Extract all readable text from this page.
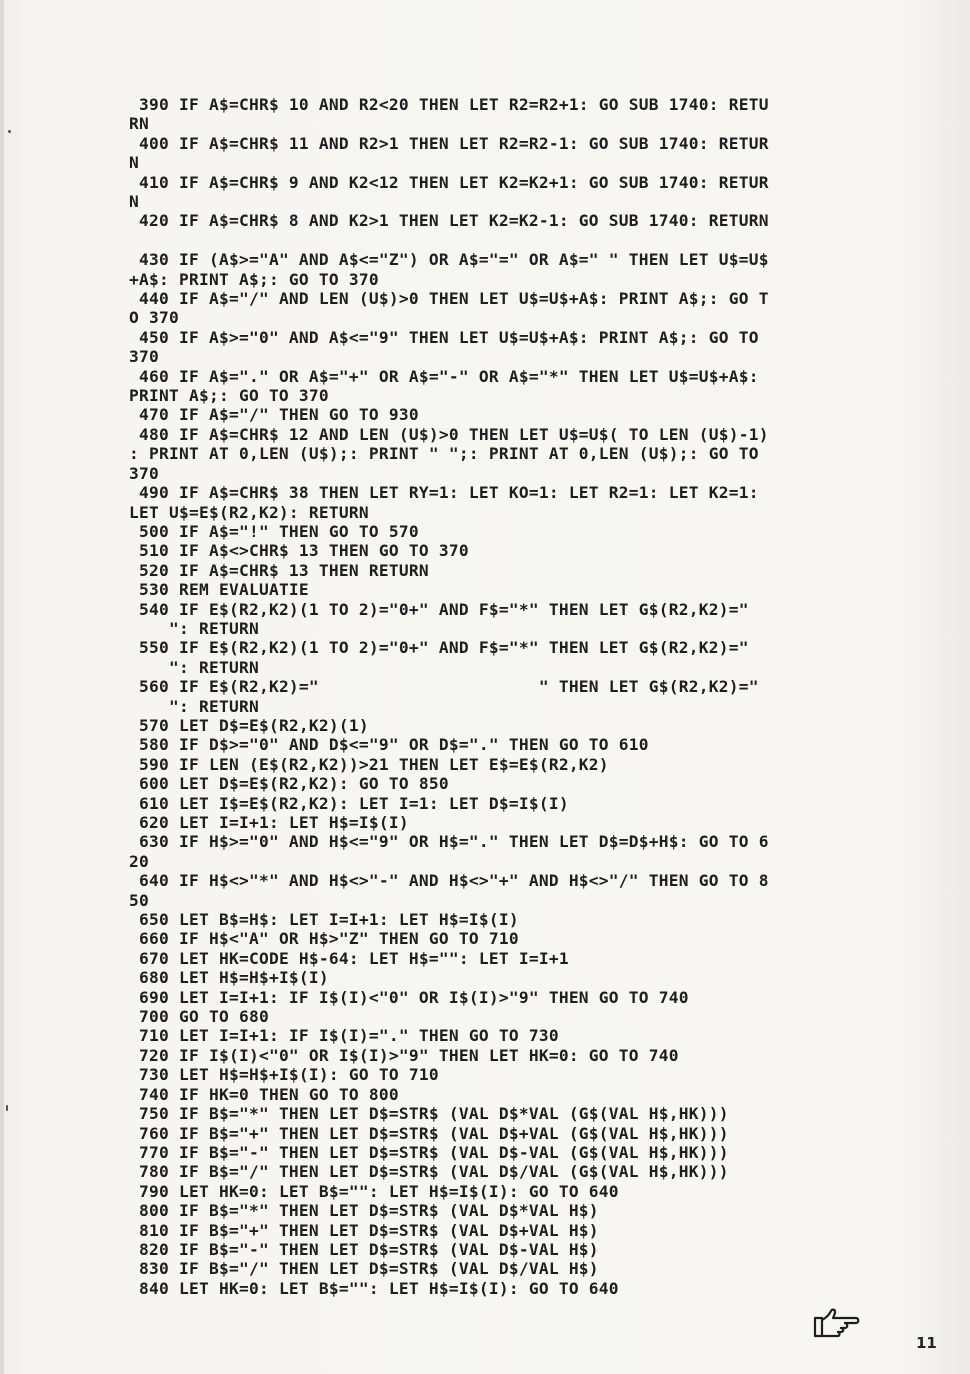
390 IF A$=CHR$ 10 AND R2<20 THEN LET R2=R2+1: GO SUB 1740: RETU
RN
400 IF A$=CHR$ 11 AND R2>1 THEN LET R2=R2-1: GO SUB 1740: RETUR
N
410 IF A$=CHR$ 9 AND K2<12 THEN LET K2=K2+1: GO SUB 1740: RETUR
N
420 IF A$=CHR$ 8 AND K2>1 THEN LET K2=K2-1: GO SUB 1740: RETURN
430 IF (A$>="A" AND A$<="Z") OR A$="=" OR A$=" " THEN LET U$=U$
+A$: PRINT A$;: GO TO 370
440 IF A$="/" AND LEN (U$)>0 THEN LET U$=U$+A$: PRINT A$;: GO T
O 370
450 IF A$>="0" AND A$<="9" THEN LET U$=U$+A$: PRINT A$;: GO TO
370
460 IF A$="." OR A$="+" OR A$="-" OR A$="*" THEN LET U$=U$+A$:
PRINT A$;: GO TO 370
470 IF A$="/" THEN GO TO 930
480 IF A$=CHR$ 12 AND LEN (U$)>0 THEN LET U$=U$( TO LEN (U$)-1)
: PRINT AT 0,LEN (U$);: PRINT " ";: PRINT AT 0,LEN (U$);: GO TO
370
490 IF A$=CHR$ 38 THEN LET RY=1: LET KO=1: LET R2=1: LET K2=1:
LET U$=E$(R2,K2): RETURN
500 IF A$="!" THEN GO TO 570
510 IF A$<>CHR$ 13 THEN GO TO 370
520 IF A$=CHR$ 13 THEN RETURN
530 REM EVALUATIE
540 IF E$(R2,K2)(1 TO 2)="0+" AND F$="*" THEN LET G$(R2,K2)="
": RETURN
550 IF E$(R2,K2)(1 TO 2)="0+" AND F$="*" THEN LET G$(R2,K2)="
": RETURN
560 IF E$(R2,K2)="                      " THEN LET G$(R2,K2)="
": RETURN
570 LET D$=E$(R2,K2)(1)
580 IF D$>="0" AND D$<="9" OR D$="." THEN GO TO 610
590 IF LEN (E$(R2,K2))>21 THEN LET E$=E$(R2,K2)
600 LET D$=E$(R2,K2): GO TO 850
610 LET I$=E$(R2,K2): LET I=1: LET D$=I$(I)
620 LET I=I+1: LET H$=I$(I)
630 IF H$>="0" AND H$<="9" OR H$="." THEN LET D$=D$+H$: GO TO 6
20
640 IF H$<>"*" AND H$<>"-" AND H$<>"+" AND H$<>"/" THEN GO TO 8
50
650 LET B$=H$: LET I=I+1: LET H$=I$(I)
660 IF H$<"A" OR H$>"Z" THEN GO TO 710
670 LET HK=CODE H$-64: LET H$="": LET I=I+1
680 LET H$=H$+I$(I)
690 LET I=I+1: IF I$(I)<"0" OR I$(I)>"9" THEN GO TO 740
700 GO TO 680
710 LET I=I+1: IF I$(I)="." THEN GO TO 730
720 IF I$(I)<"0" OR I$(I)>"9" THEN LET HK=0: GO TO 740
730 LET H$=H$+I$(I): GO TO 710
740 IF HK=0 THEN GO TO 800
750 IF B$="*" THEN LET D$=STR$ (VAL D$*VAL (G$(VAL H$,HK)))
760 IF B$="+" THEN LET D$=STR$ (VAL D$+VAL (G$(VAL H$,HK)))
770 IF B$="-" THEN LET D$=STR$ (VAL D$-VAL (G$(VAL H$,HK)))
780 IF B$="/" THEN LET D$=STR$ (VAL D$/VAL (G$(VAL H$,HK)))
790 LET HK=0: LET B$="": LET H$=I$(I): GO TO 640
800 IF B$="*" THEN LET D$=STR$ (VAL D$*VAL H$)
810 IF B$="+" THEN LET D$=STR$ (VAL D$+VAL H$)
820 IF B$="-" THEN LET D$=STR$ (VAL D$-VAL H$)
830 IF B$="/" THEN LET D$=STR$ (VAL D$/VAL H$)
840 LET HK=0: LET B$="": LET H$=I$(I): GO TO 640
11
